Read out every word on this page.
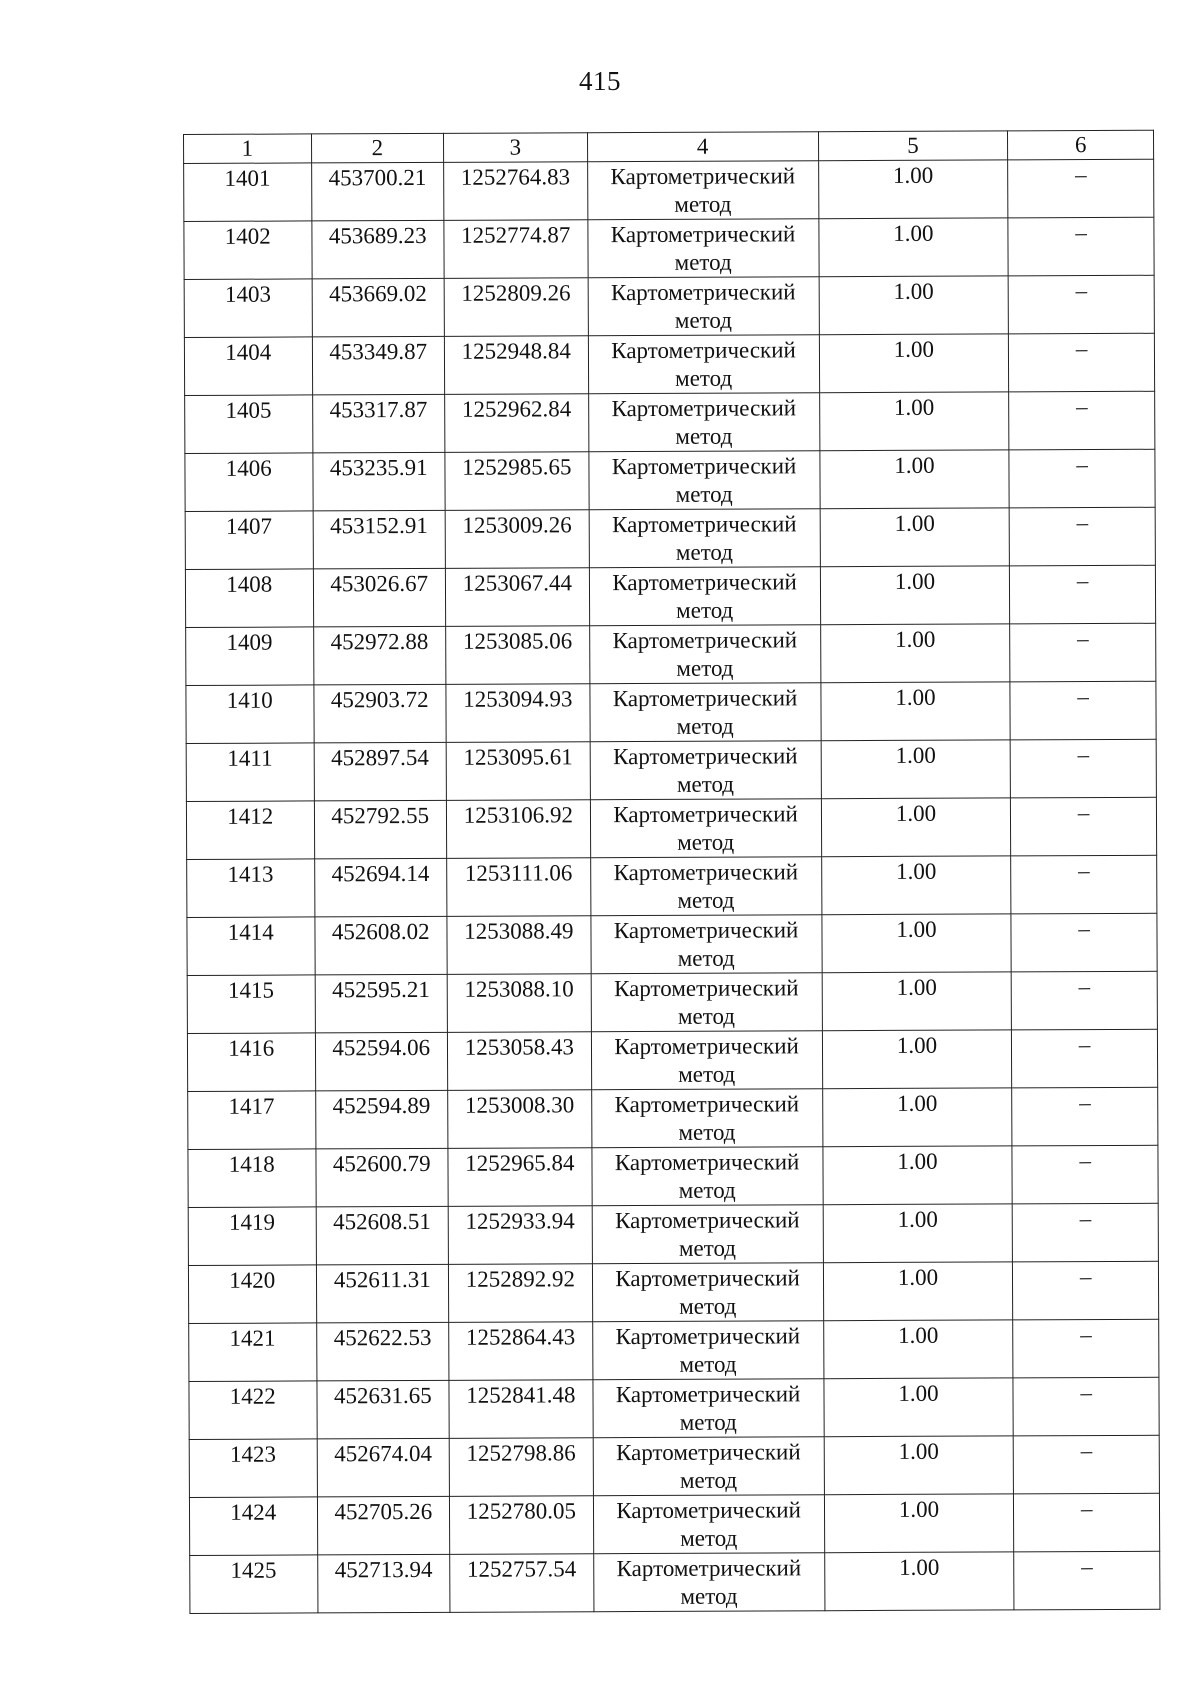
415
1	2	3	4	5	6
1401	453700.21	1252764.83	Картометрический метод	1.00	–
1402	453689.23	1252774.87	Картометрический метод	1.00	–
1403	453669.02	1252809.26	Картометрический метод	1.00	–
1404	453349.87	1252948.84	Картометрический метод	1.00	–
1405	453317.87	1252962.84	Картометрический метод	1.00	–
1406	453235.91	1252985.65	Картометрический метод	1.00	–
1407	453152.91	1253009.26	Картометрический метод	1.00	–
1408	453026.67	1253067.44	Картометрический метод	1.00	–
1409	452972.88	1253085.06	Картометрический метод	1.00	–
1410	452903.72	1253094.93	Картометрический метод	1.00	–
1411	452897.54	1253095.61	Картометрический метод	1.00	–
1412	452792.55	1253106.92	Картометрический метод	1.00	–
1413	452694.14	1253111.06	Картометрический метод	1.00	–
1414	452608.02	1253088.49	Картометрический метод	1.00	–
1415	452595.21	1253088.10	Картометрический метод	1.00	–
1416	452594.06	1253058.43	Картометрический метод	1.00	–
1417	452594.89	1253008.30	Картометрический метод	1.00	–
1418	452600.79	1252965.84	Картометрический метод	1.00	–
1419	452608.51	1252933.94	Картометрический метод	1.00	–
1420	452611.31	1252892.92	Картометрический метод	1.00	–
1421	452622.53	1252864.43	Картометрический метод	1.00	–
1422	452631.65	1252841.48	Картометрический метод	1.00	–
1423	452674.04	1252798.86	Картометрический метод	1.00	–
1424	452705.26	1252780.05	Картометрический метод	1.00	–
1425	452713.94	1252757.54	Картометрический метод	1.00	–
